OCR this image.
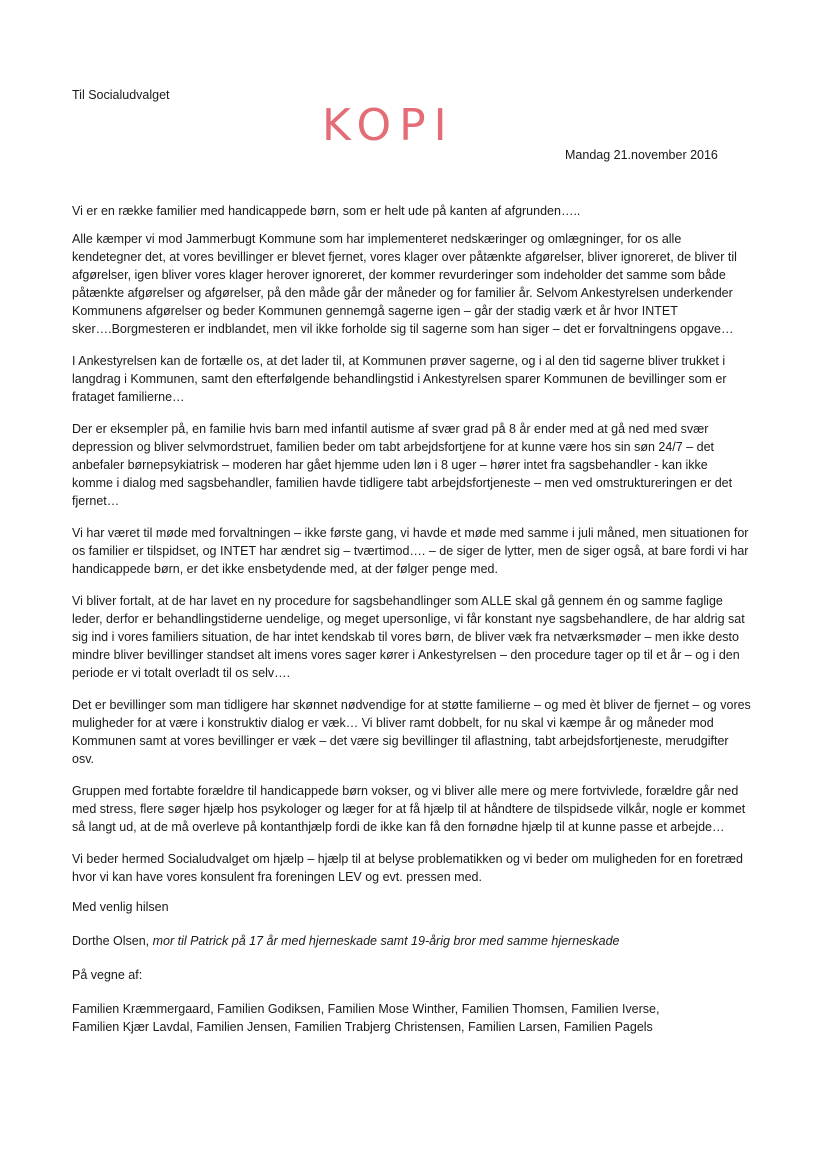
Til Socialudvalget
KOPI
Mandag 21.november 2016

Vi er en række familier med handicappede børn, som er helt ude på kanten af afgrunden…..

Alle kæmper vi mod Jammerbugt Kommune som har implementeret nedskæringer og omlægninger, for os alle kendetegner det, at vores bevillinger er blevet fjernet, vores klager over påtænkte afgørelser, bliver ignoreret, de bliver til afgørelser, igen bliver vores klager herover ignoreret, der kommer revurderinger som indeholder det samme som både påtænkte afgørelser og afgørelser, på den måde går der måneder og for familier år. Selvom Ankestyrelsen underkender Kommunens afgørelser og beder Kommunen gennemgå sagerne igen – går der stadig værk et år hvor INTET sker….Borgmesteren er indblandet, men vil ikke forholde sig til sagerne som han siger – det er forvaltningens opgave…

I Ankestyrelsen kan de fortælle os, at det lader til, at Kommunen prøver sagerne, og i al den tid sagerne bliver trukket i langdrag i Kommunen, samt den efterfølgende behandlingstid i Ankestyrelsen sparer Kommunen de bevillinger som er frataget familierne…

Der er eksempler på, en familie hvis barn med infantil autisme af svær grad på 8 år ender med at gå ned med svær depression og bliver selvmordstruet, familien beder om tabt arbejdsfortjene for at kunne være hos sin søn 24/7 – det anbefaler børnepsykiatrisk – moderen har gået hjemme uden løn i 8 uger – hører intet fra sagsbehandler - kan ikke komme i dialog med sagsbehandler, familien havde tidligere tabt arbejdsfortjeneste – men ved omstruktureringen er det fjernet…

Vi har været til møde med forvaltningen – ikke første gang, vi havde et møde med samme i juli måned, men situationen for os familier er tilspidset, og INTET har ændret sig – tværtimod…. – de siger de lytter, men de siger også, at bare fordi vi har handicappede børn, er det ikke ensbetydende med, at der følger penge med.

Vi bliver fortalt, at de har lavet en ny procedure for sagsbehandlinger som ALLE skal gå gennem én og samme faglige leder, derfor er behandlingstiderne uendelige, og meget upersonlige, vi får konstant nye sagsbehandlere, de har aldrig sat sig ind i vores familiers situation, de har intet kendskab til vores børn, de bliver væk fra netværksmøder – men ikke desto mindre bliver bevillinger standset alt imens vores sager kører i Ankestyrelsen – den procedure tager op til et år – og i den periode er vi totalt overladt til os selv….

Det er bevillinger som man tidligere har skønnet nødvendige for at støtte familierne – og med èt bliver de fjernet – og vores muligheder for at være i konstruktiv dialog er væk… Vi bliver ramt dobbelt, for nu skal vi kæmpe år og måneder mod Kommunen samt at vores bevillinger er væk – det være sig bevillinger til aflastning, tabt arbejdsfortjeneste, merudgifter osv.

Gruppen med fortabte forældre til handicappede børn vokser, og vi bliver alle mere og mere fortvivlede, forældre går ned med stress, flere søger hjælp hos psykologer og læger for at få hjælp til at håndtere de tilspidsede vilkår, nogle er kommet så langt ud, at de må overleve på kontanthjælp fordi de ikke kan få den fornødne hjælp til at kunne passe et arbejde…

Vi beder hermed Socialudvalget om hjælp – hjælp til at belyse problematikken og vi beder om muligheden for en foretræd hvor vi kan have vores konsulent fra foreningen LEV og evt. pressen med.

Med venlig hilsen

Dorthe Olsen, mor til Patrick på 17 år med hjerneskade samt 19-årig bror med samme hjerneskade

På vegne af:

Familien Kræmmergaard, Familien Godiksen, Familien Mose Winther, Familien Thomsen, Familien Iverse,

Familien Kjær Lavdal, Familien Jensen, Familien Trabjerg Christensen, Familien Larsen, Familien Pagels
